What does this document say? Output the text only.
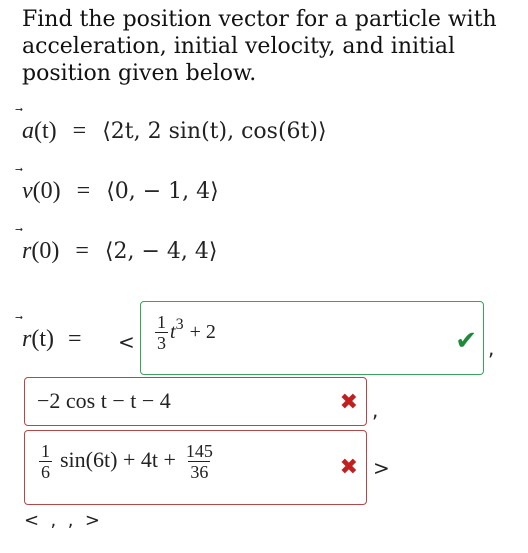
Find the position vector for a particle with acceleration, initial velocity, and initial position given below.
a(t) = ⟨2t, 2 sin(t), cos(6t)⟩
v(0) = ⟨0, − 1, 4⟩
r(0) = ⟨2, − 4, 4⟩
r(t) =	< $\frac{1}{3} t^3 + 2$	✔ ,
−2 cos t − t − 4	✖ ,
$\frac{1}{6} \sin(6t) + 4t + \frac{145}{36}$	✖ >
<  ,  ,  >
